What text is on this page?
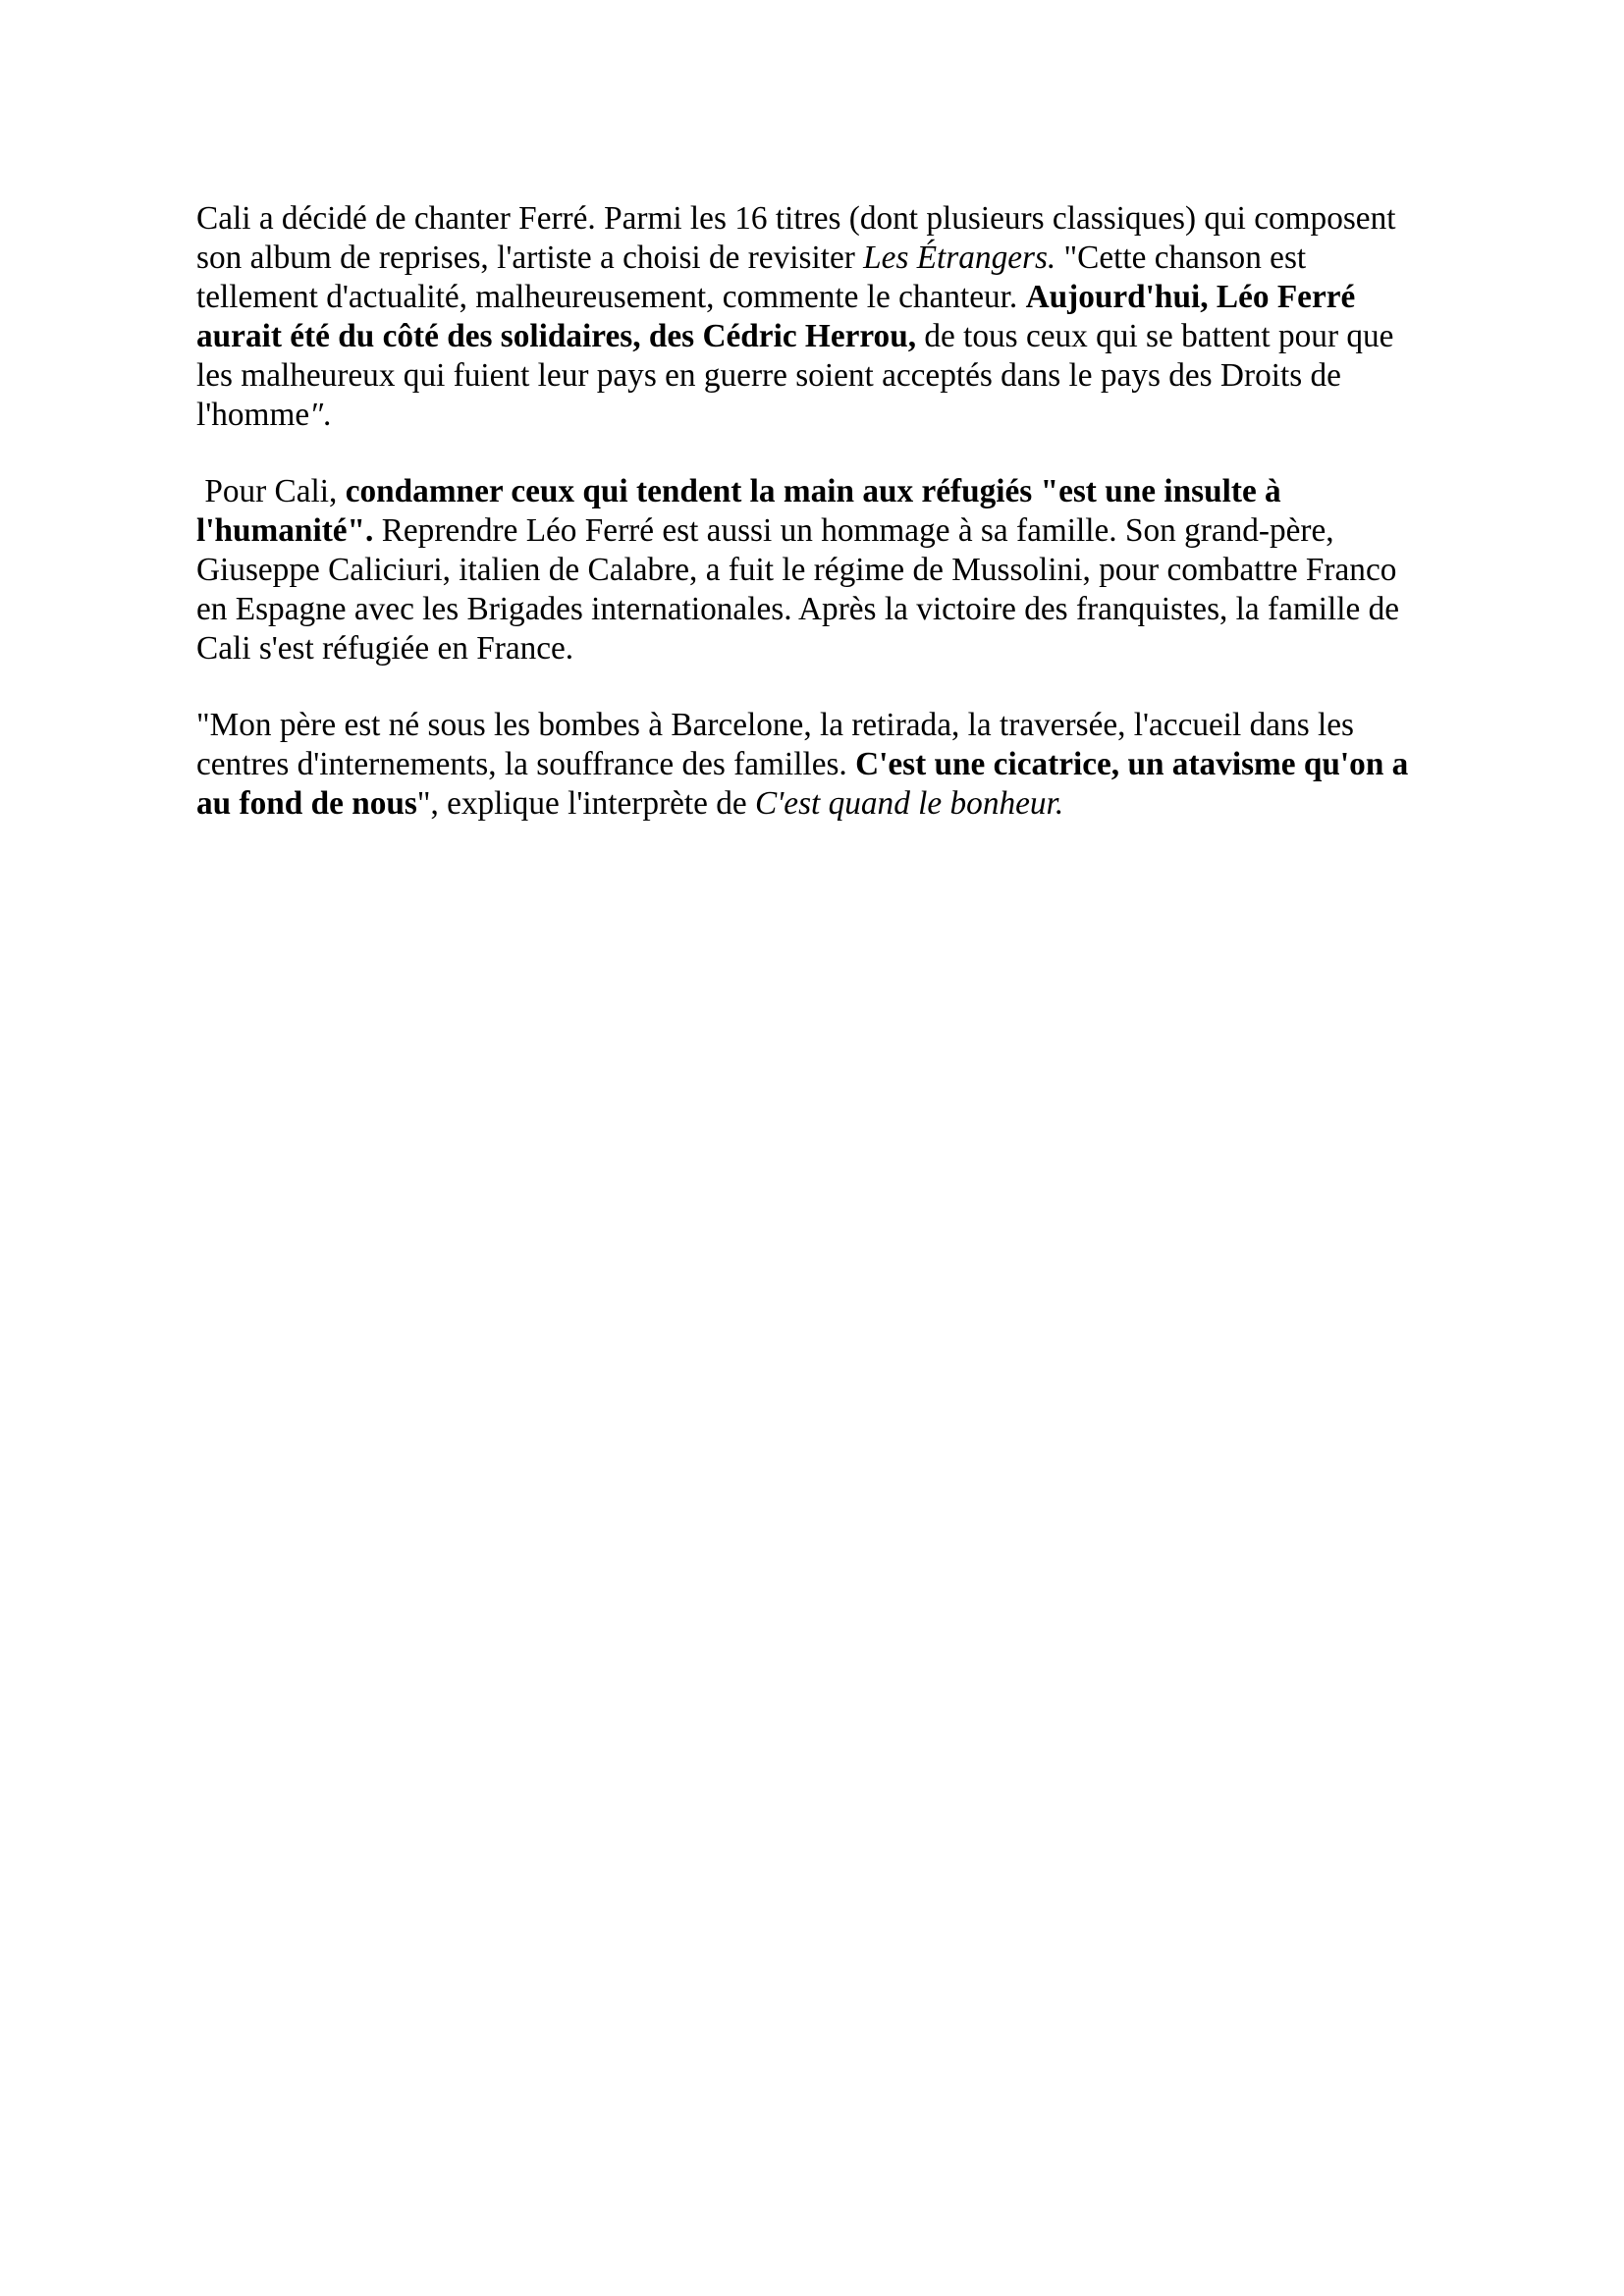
Cali a décidé de chanter Ferré. Parmi les 16 titres (dont plusieurs classiques) qui composent son album de reprises, l'artiste a choisi de revisiter Les Étrangers. "Cette chanson est tellement d'actualité, malheureusement, commente le chanteur. Aujourd'hui, Léo Ferré aurait été du côté des solidaires, des Cédric Herrou, de tous ceux qui se battent pour que les malheureux qui fuient leur pays en guerre soient acceptés dans le pays des Droits de l'homme″.

Pour Cali, condamner ceux qui tendent la main aux réfugiés "est une insulte à l'humanité". Reprendre Léo Ferré est aussi un hommage à sa famille. Son grand-père, Giuseppe Caliciuri, italien de Calabre, a fuit le régime de Mussolini, pour combattre Franco en Espagne avec les Brigades internationales. Après la victoire des franquistes, la famille de Cali s'est réfugiée en France.

"Mon père est né sous les bombes à Barcelone, la retirada, la traversée, l'accueil dans les centres d'internements, la souffrance des familles. C'est une cicatrice, un atavisme qu'on a au fond de nous", explique l'interprète de C'est quand le bonheur.
